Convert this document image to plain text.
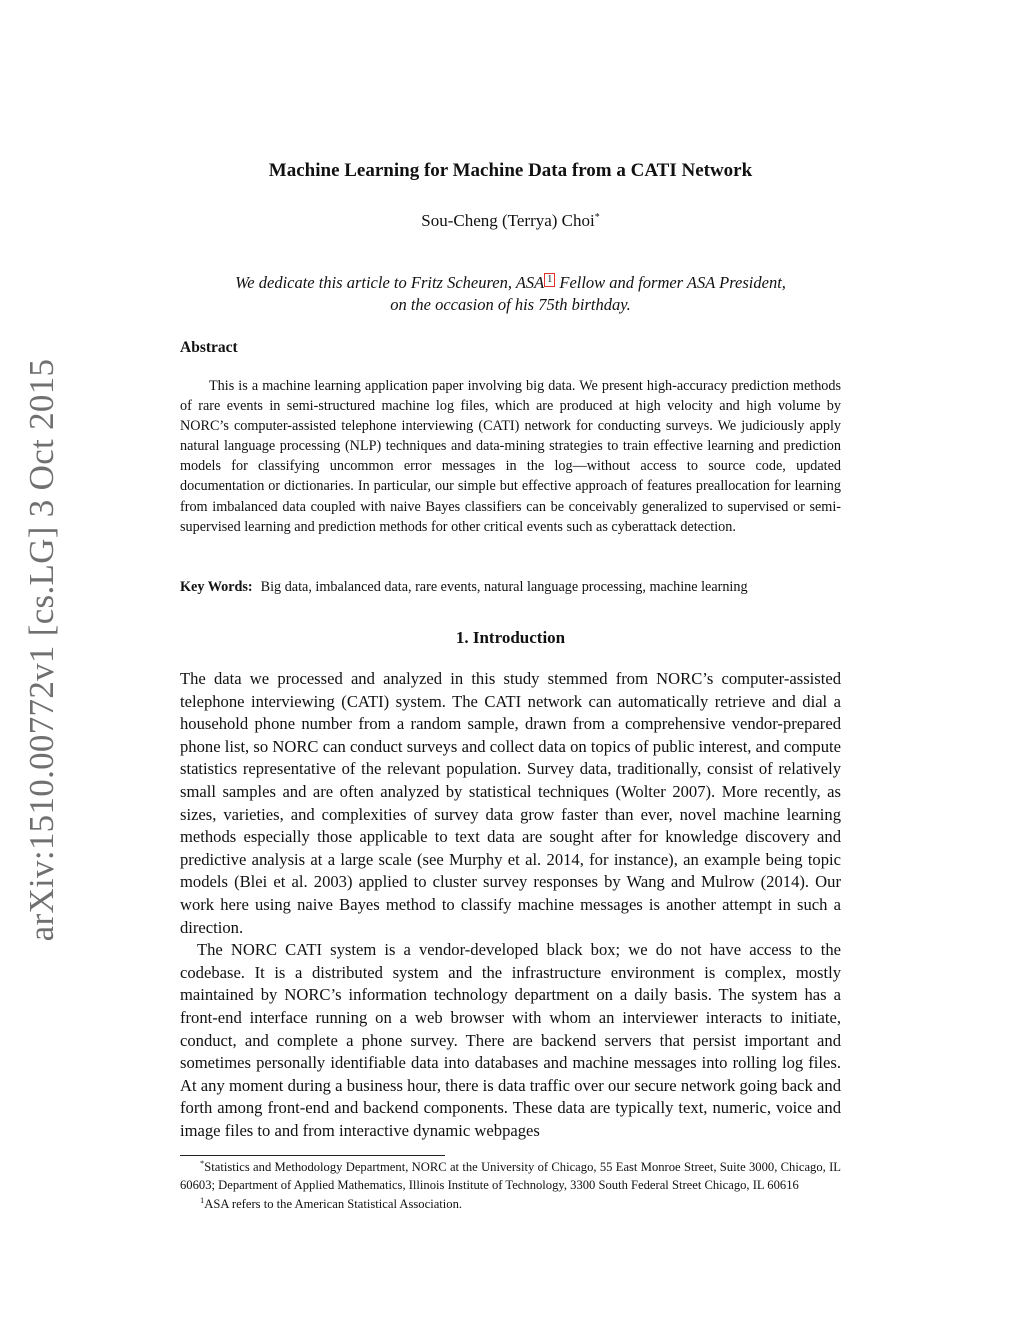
arXiv:1510.00772v1 [cs.LG] 3 Oct 2015
Machine Learning for Machine Data from a CATI Network
Sou-Cheng (Terrya) Choi*
We dedicate this article to Fritz Scheuren, ASA 1 Fellow and former ASA President,
on the occasion of his 75th birthday.
Abstract
This is a machine learning application paper involving big data. We present high-accuracy prediction methods of rare events in semi-structured machine log files, which are produced at high velocity and high volume by NORC’s computer-assisted telephone interviewing (CATI) network for conducting surveys. We judiciously apply natural language processing (NLP) techniques and data-mining strategies to train effective learning and prediction models for classifying uncommon error messages in the log—without access to source code, updated documentation or dictionaries. In particular, our simple but effective approach of features preallocation for learning from imbalanced data coupled with naive Bayes classifiers can be conceivably generalized to supervised or semi-supervised learning and prediction methods for other critical events such as cyberattack detection.
Key Words: Big data, imbalanced data, rare events, natural language processing, machine learning
1. Introduction

The data we processed and analyzed in this study stemmed from NORC’s computer-assisted telephone interviewing (CATI) system. The CATI network can automatically retrieve and dial a household phone number from a random sample, drawn from a comprehensive vendor-prepared phone list, so NORC can conduct surveys and collect data on topics of public interest, and compute statistics representative of the relevant population. Survey data, traditionally, consist of relatively small samples and are often analyzed by statistical techniques (Wolter 2007). More recently, as sizes, varieties, and complexities of survey data grow faster than ever, novel machine learning methods especially those applicable to text data are sought after for knowledge discovery and predictive analysis at a large scale (see Murphy et al. 2014, for instance), an example being topic models (Blei et al. 2003) applied to cluster survey responses by Wang and Mulrow (2014). Our work here using naive Bayes method to classify machine messages is another attempt in such a direction.

The NORC CATI system is a vendor-developed black box; we do not have access to the codebase. It is a distributed system and the infrastructure environment is complex, mostly maintained by NORC’s information technology department on a daily basis. The system has a front-end interface running on a web browser with whom an interviewer interacts to initiate, conduct, and complete a phone survey. There are backend servers that persist important and sometimes personally identifiable data into databases and machine messages into rolling log files. At any moment during a business hour, there is data traffic over our secure network going back and forth among front-end and backend components. These data are typically text, numeric, voice and image files to and from interactive dynamic webpages

*Statistics and Methodology Department, NORC at the University of Chicago, 55 East Monroe Street, Suite 3000, Chicago, IL 60603; Department of Applied Mathematics, Illinois Institute of Technology, 3300 South Federal Street Chicago, IL 60616

$^1$ASA refers to the American Statistical Association.
